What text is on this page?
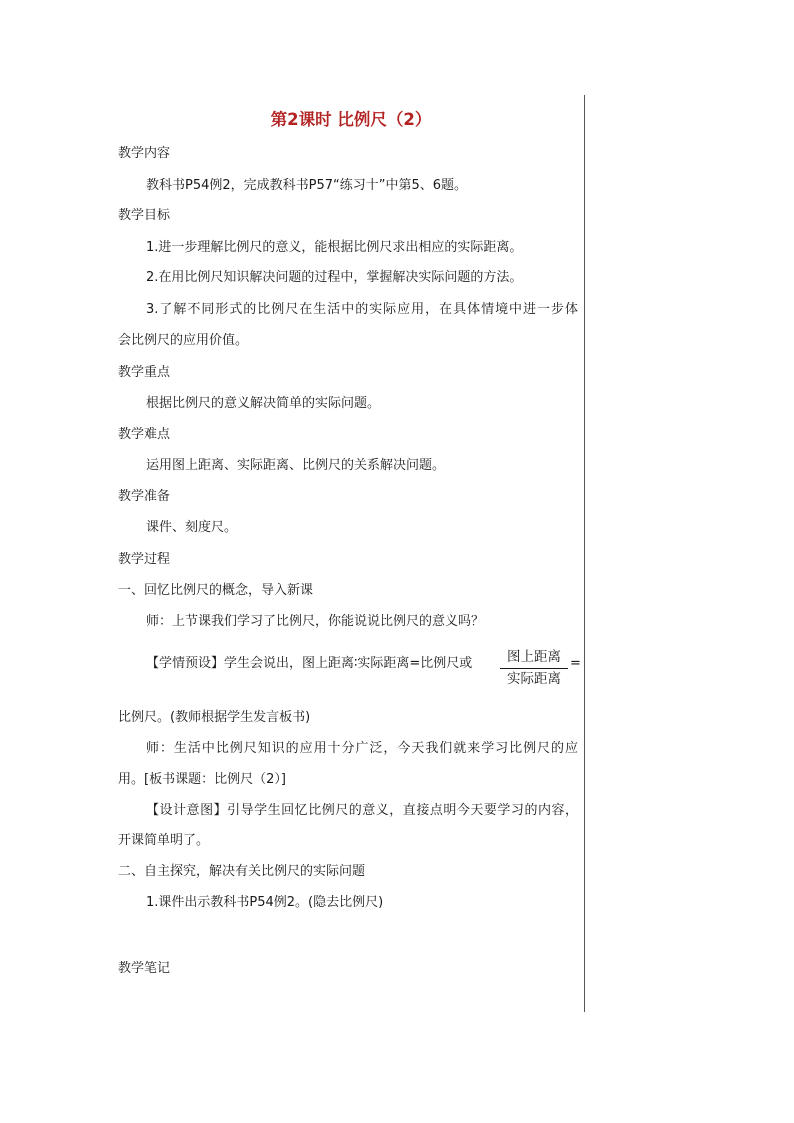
第2课时 比例尺（2）
教学内容
教科书P54例2，完成教科书P57“练习十”中第5、6题。
教学目标
1.进一步理解比例尺的意义，能根据比例尺求出相应的实际距离。
2.在用比例尺知识解决问题的过程中，掌握解决实际问题的方法。
3.了解不同形式的比例尺在生活中的实际应用，在具体情境中进一步体
会比例尺的应用价值。
教学重点
根据比例尺的意义解决简单的实际问题。
教学难点
运用图上距离、实际距离、比例尺的关系解决问题。
教学准备
课件、刻度尺。
教学过程
一、回忆比例尺的概念，导入新课
师：上节课我们学习了比例尺，你能说说比例尺的意义吗？
【学情预设】学生会说出，图上距离∶实际距离=比例尺或	图上距离
实际距离
=
比例尺。(教师根据学生发言板书)
师：生活中比例尺知识的应用十分广泛，今天我们就来学习比例尺的应
用。[板书课题：比例尺（2）]
【设计意图】引导学生回忆比例尺的意义，直接点明今天要学习的内容，
开课简单明了。
二、自主探究，解决有关比例尺的实际问题
1.课件出示教科书P54例2。(隐去比例尺)
教学笔记
